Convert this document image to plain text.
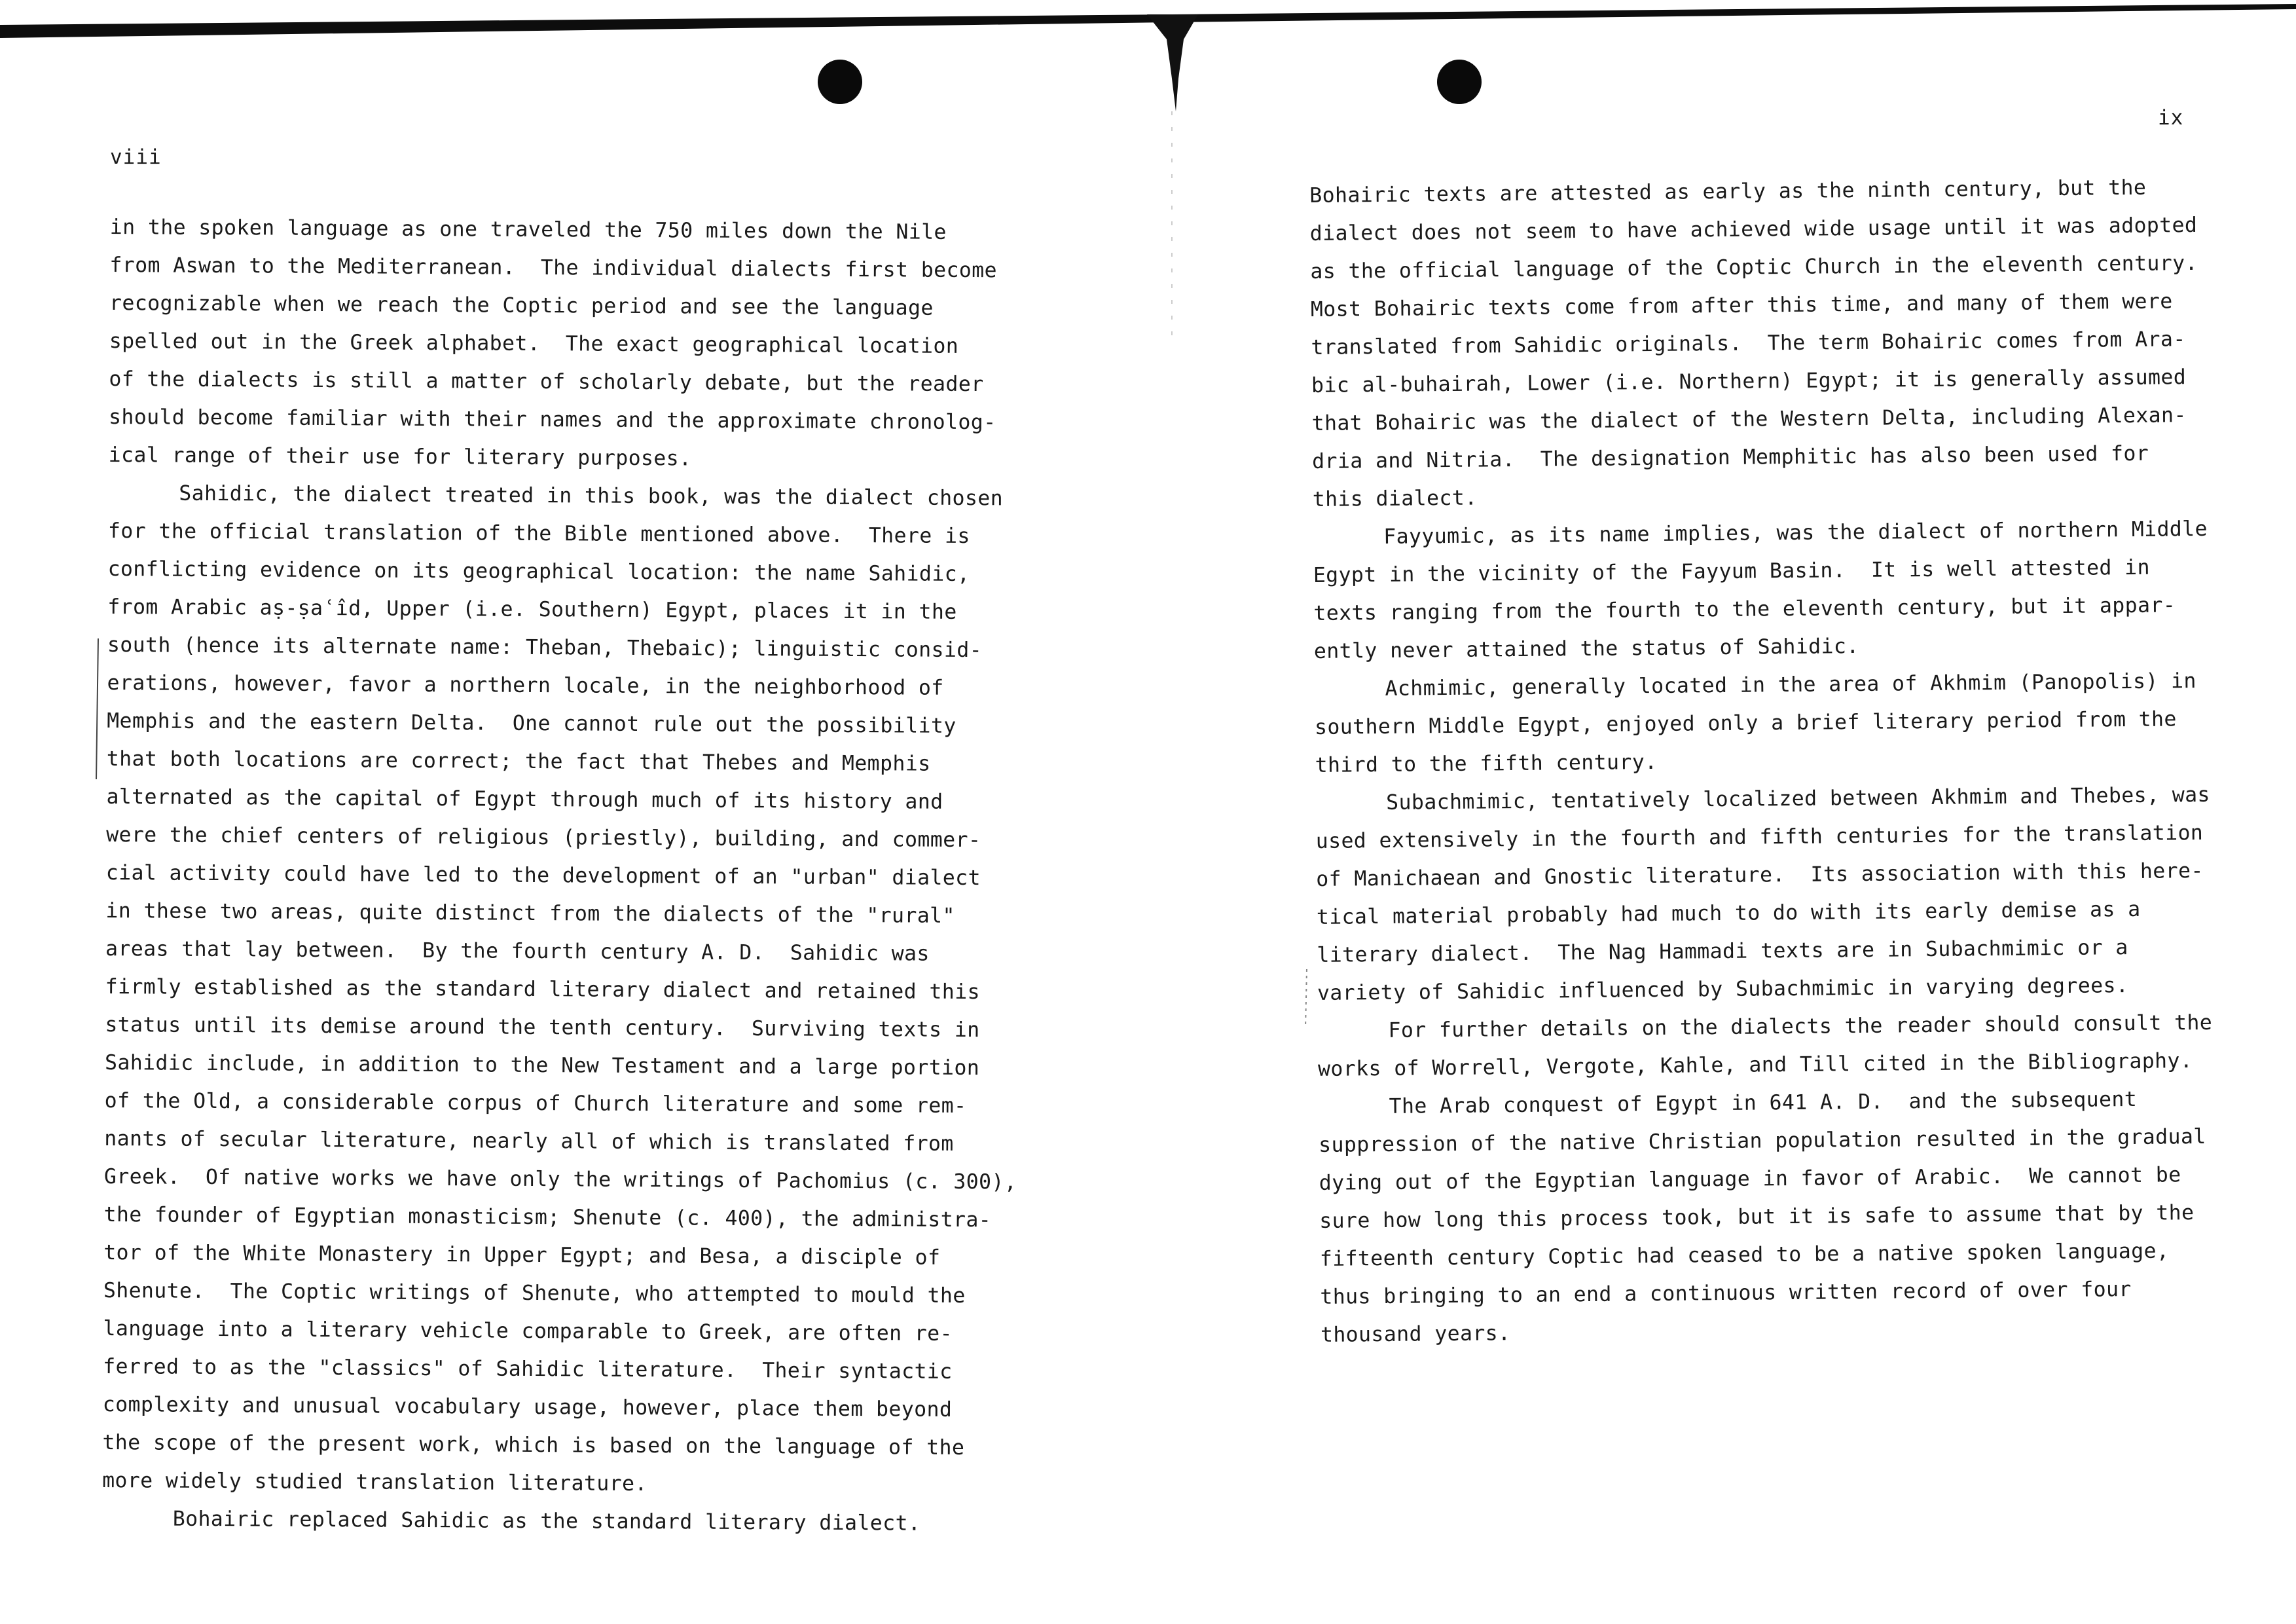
viii
in the spoken language as one traveled the 750 miles down the Nile
from Aswan to the Mediterranean.  The individual dialects first become
recognizable when we reach the Coptic period and see the language
spelled out in the Greek alphabet.  The exact geographical location
of the dialects is still a matter of scholarly debate, but the reader
should become familiar with their names and the approximate chronolog-
ical range of their use for literary purposes.
Sahidic, the dialect treated in this book, was the dialect chosen
for the official translation of the Bible mentioned above.  There is
conflicting evidence on its geographical location: the name Sahidic,
from Arabic aṣ-ṣaʿîd, Upper (i.e. Southern) Egypt, places it in the
south (hence its alternate name: Theban, Thebaic); linguistic consid-
erations, however, favor a northern locale, in the neighborhood of
Memphis and the eastern Delta.  One cannot rule out the possibility
that both locations are correct; the fact that Thebes and Memphis
alternated as the capital of Egypt through much of its history and
were the chief centers of religious (priestly), building, and commer-
cial activity could have led to the development of an "urban" dialect
in these two areas, quite distinct from the dialects of the "rural"
areas that lay between.  By the fourth century A. D.  Sahidic was
firmly established as the standard literary dialect and retained this
status until its demise around the tenth century.  Surviving texts in
Sahidic include, in addition to the New Testament and a large portion
of the Old, a considerable corpus of Church literature and some rem-
nants of secular literature, nearly all of which is translated from
Greek.  Of native works we have only the writings of Pachomius (c. 300),
the founder of Egyptian monasticism; Shenute (c. 400), the administra-
tor of the White Monastery in Upper Egypt; and Besa, a disciple of
Shenute.  The Coptic writings of Shenute, who attempted to mould the
language into a literary vehicle comparable to Greek, are often re-
ferred to as the "classics" of Sahidic literature.  Their syntactic
complexity and unusual vocabulary usage, however, place them beyond
the scope of the present work, which is based on the language of the
more widely studied translation literature.
Bohairic replaced Sahidic as the standard literary dialect.
ix
Bohairic texts are attested as early as the ninth century, but the
dialect does not seem to have achieved wide usage until it was adopted
as the official language of the Coptic Church in the eleventh century.
Most Bohairic texts come from after this time, and many of them were
translated from Sahidic originals.  The term Bohairic comes from Ara-
bic al-buhairah, Lower (i.e. Northern) Egypt; it is generally assumed
that Bohairic was the dialect of the Western Delta, including Alexan-
dria and Nitria.  The designation Memphitic has also been used for
this dialect.
Fayyumic, as its name implies, was the dialect of northern Middle
Egypt in the vicinity of the Fayyum Basin.  It is well attested in
texts ranging from the fourth to the eleventh century, but it appar-
ently never attained the status of Sahidic.
Achmimic, generally located in the area of Akhmim (Panopolis) in
southern Middle Egypt, enjoyed only a brief literary period from the
third to the fifth century.
Subachmimic, tentatively localized between Akhmim and Thebes, was
used extensively in the fourth and fifth centuries for the translation
of Manichaean and Gnostic literature.  Its association with this here-
tical material probably had much to do with its early demise as a
literary dialect.  The Nag Hammadi texts are in Subachmimic or a
variety of Sahidic influenced by Subachmimic in varying degrees.
For further details on the dialects the reader should consult the
works of Worrell, Vergote, Kahle, and Till cited in the Bibliography.
The Arab conquest of Egypt in 641 A. D.  and the subsequent
suppression of the native Christian population resulted in the gradual
dying out of the Egyptian language in favor of Arabic.  We cannot be
sure how long this process took, but it is safe to assume that by the
fifteenth century Coptic had ceased to be a native spoken language,
thus bringing to an end a continuous written record of over four
thousand years.
